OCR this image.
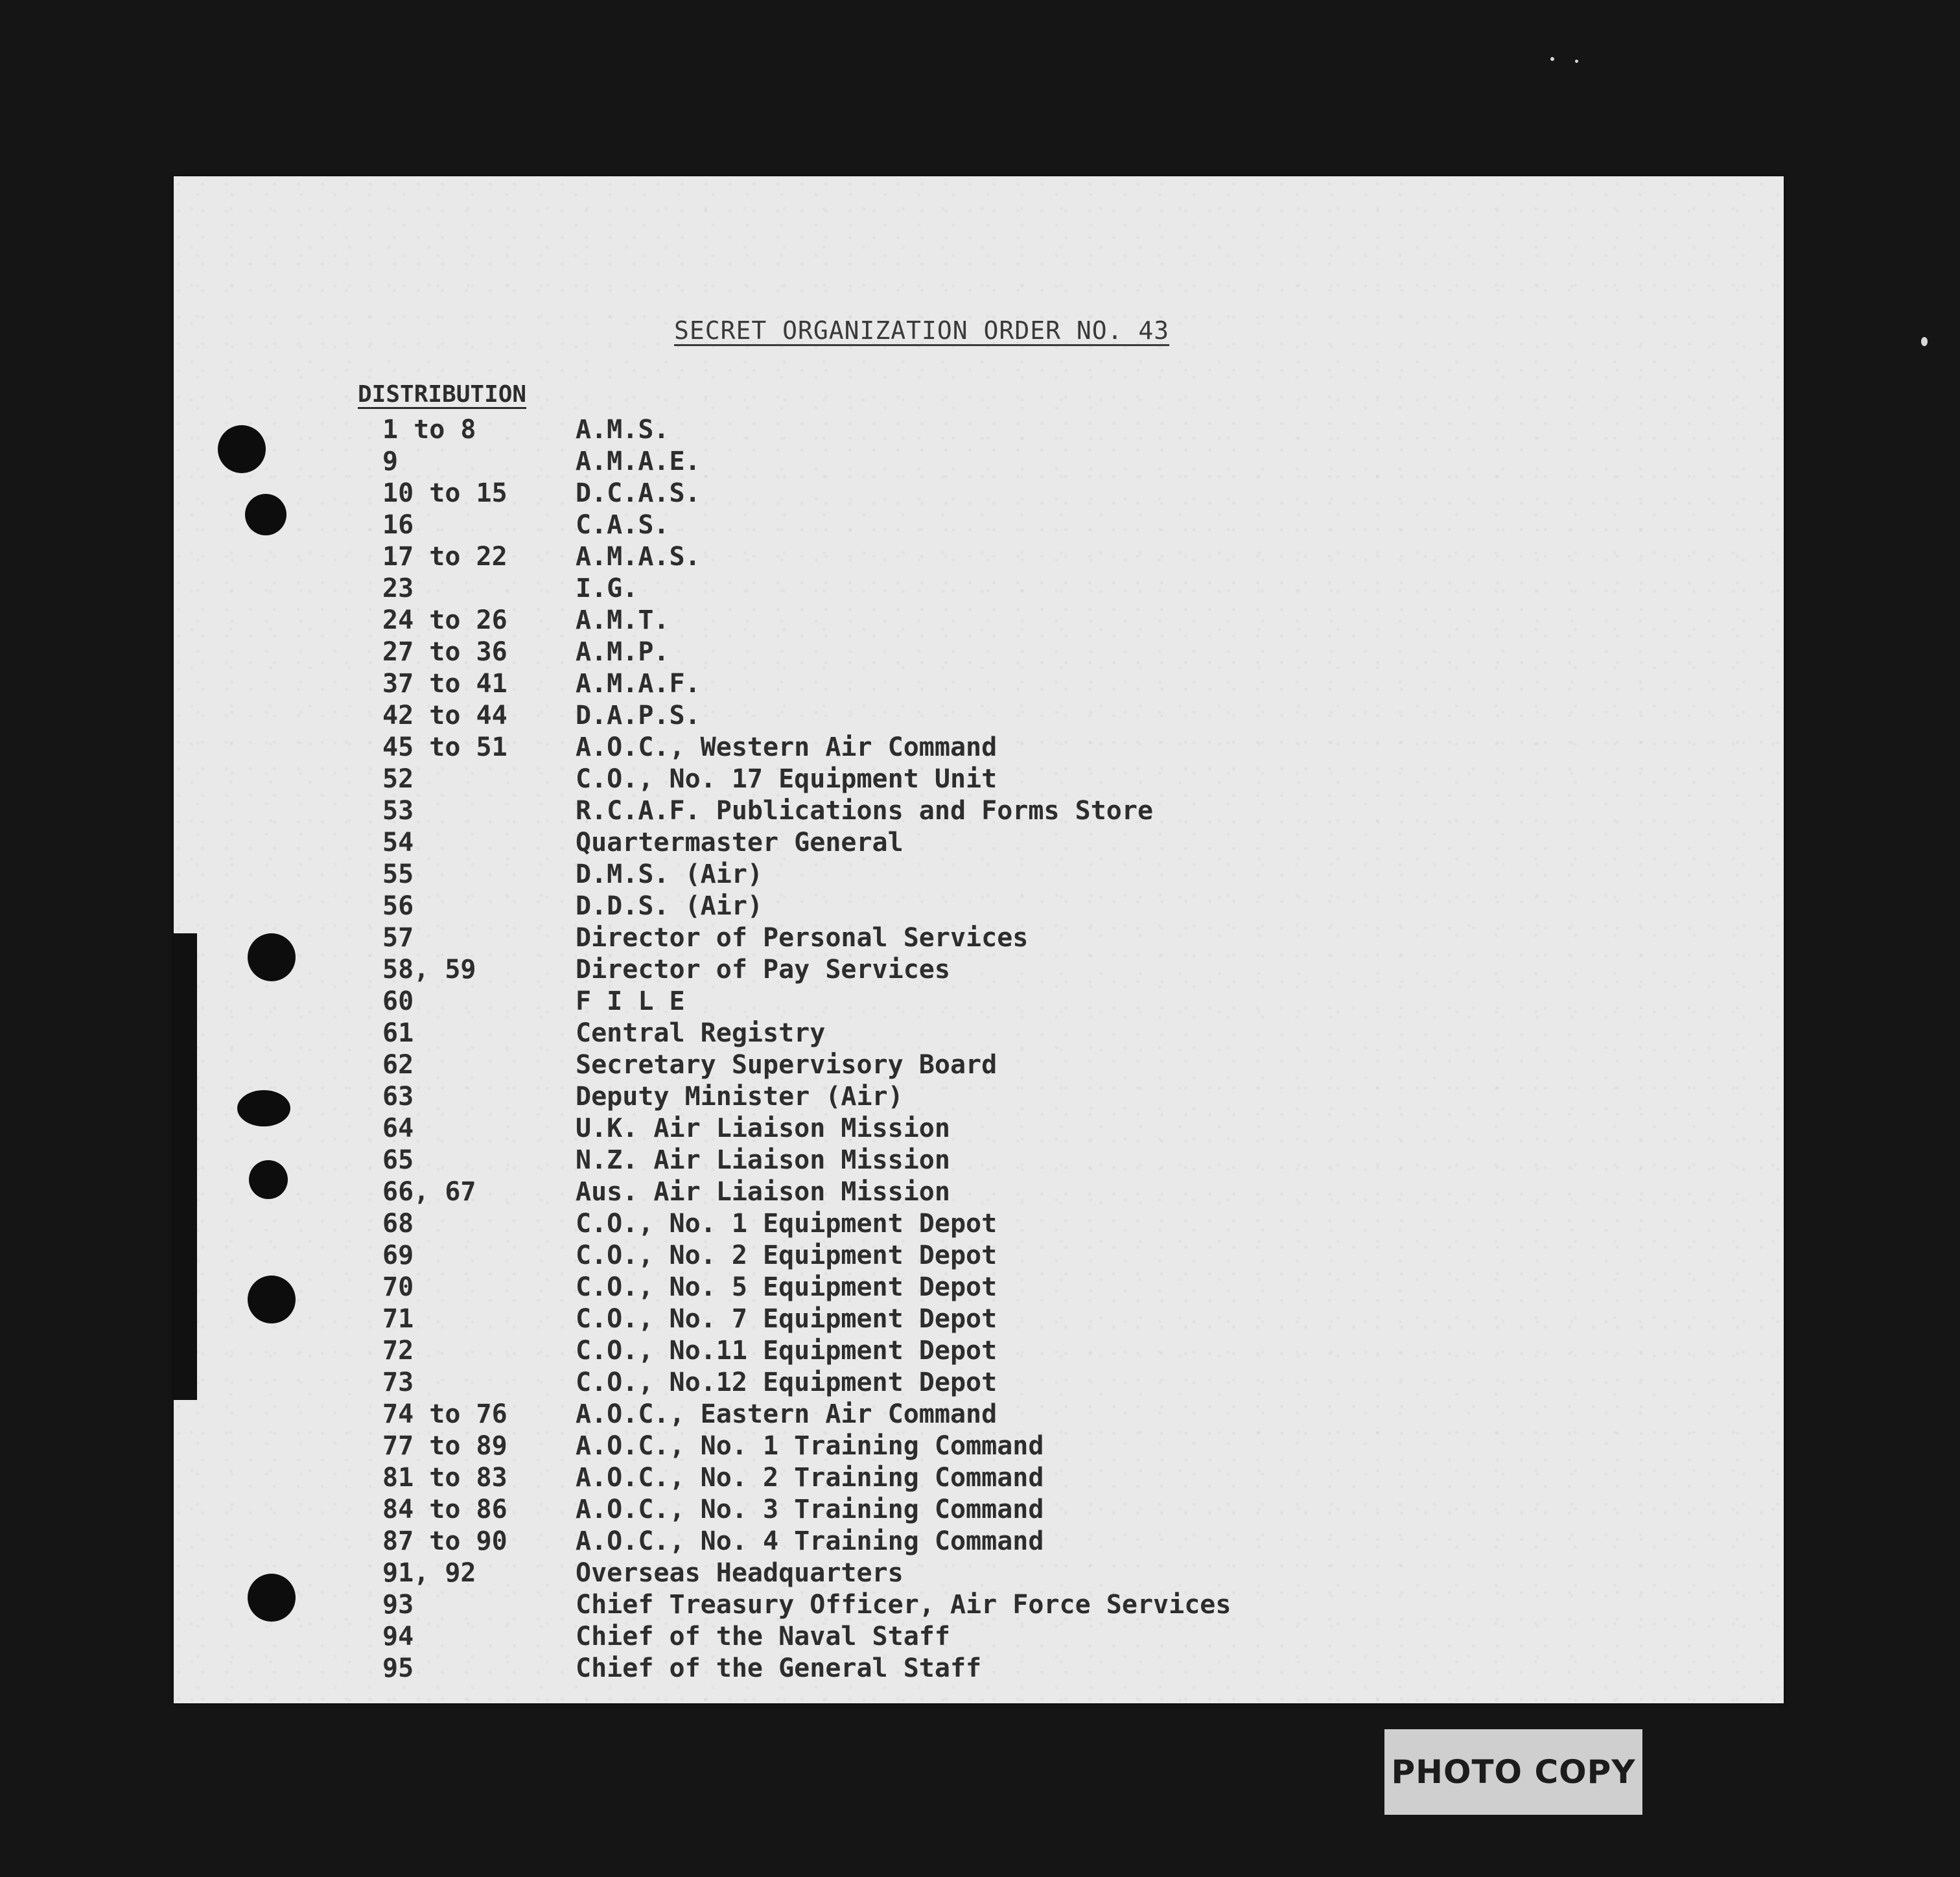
SECRET ORGANIZATION ORDER NO. 43
DISTRIBUTION
1 to 8	A.M.S.
9	A.M.A.E.
10 to 15	D.C.A.S.
16	C.A.S.
17 to 22	A.M.A.S.
23	I.G.
24 to 26	A.M.T.
27 to 36	A.M.P.
37 to 41	A.M.A.F.
42 to 44	D.A.P.S.
45 to 51	A.O.C., Western Air Command
52	C.O., No. 17 Equipment Unit
53	R.C.A.F. Publications and Forms Store
54	Quartermaster General
55	D.M.S. (Air)
56	D.D.S. (Air)
57	Director of Personal Services
58, 59	Director of Pay Services
60	F I L E
61	Central Registry
62	Secretary Supervisory Board
63	Deputy Minister (Air)
64	U.K. Air Liaison Mission
65	N.Z. Air Liaison Mission
66, 67	Aus. Air Liaison Mission
68	C.O., No. 1 Equipment Depot
69	C.O., No. 2 Equipment Depot
70	C.O., No. 5 Equipment Depot
71	C.O., No. 7 Equipment Depot
72	C.O., No.11 Equipment Depot
73	C.O., No.12 Equipment Depot
74 to 76	A.O.C., Eastern Air Command
77 to 89	A.O.C., No. 1 Training Command
81 to 83	A.O.C., No. 2 Training Command
84 to 86	A.O.C., No. 3 Training Command
87 to 90	A.O.C., No. 4 Training Command
91, 92	Overseas Headquarters
93	Chief Treasury Officer, Air Force Services
94	Chief of the Naval Staff
95	Chief of the General Staff
PHOTO COPY
